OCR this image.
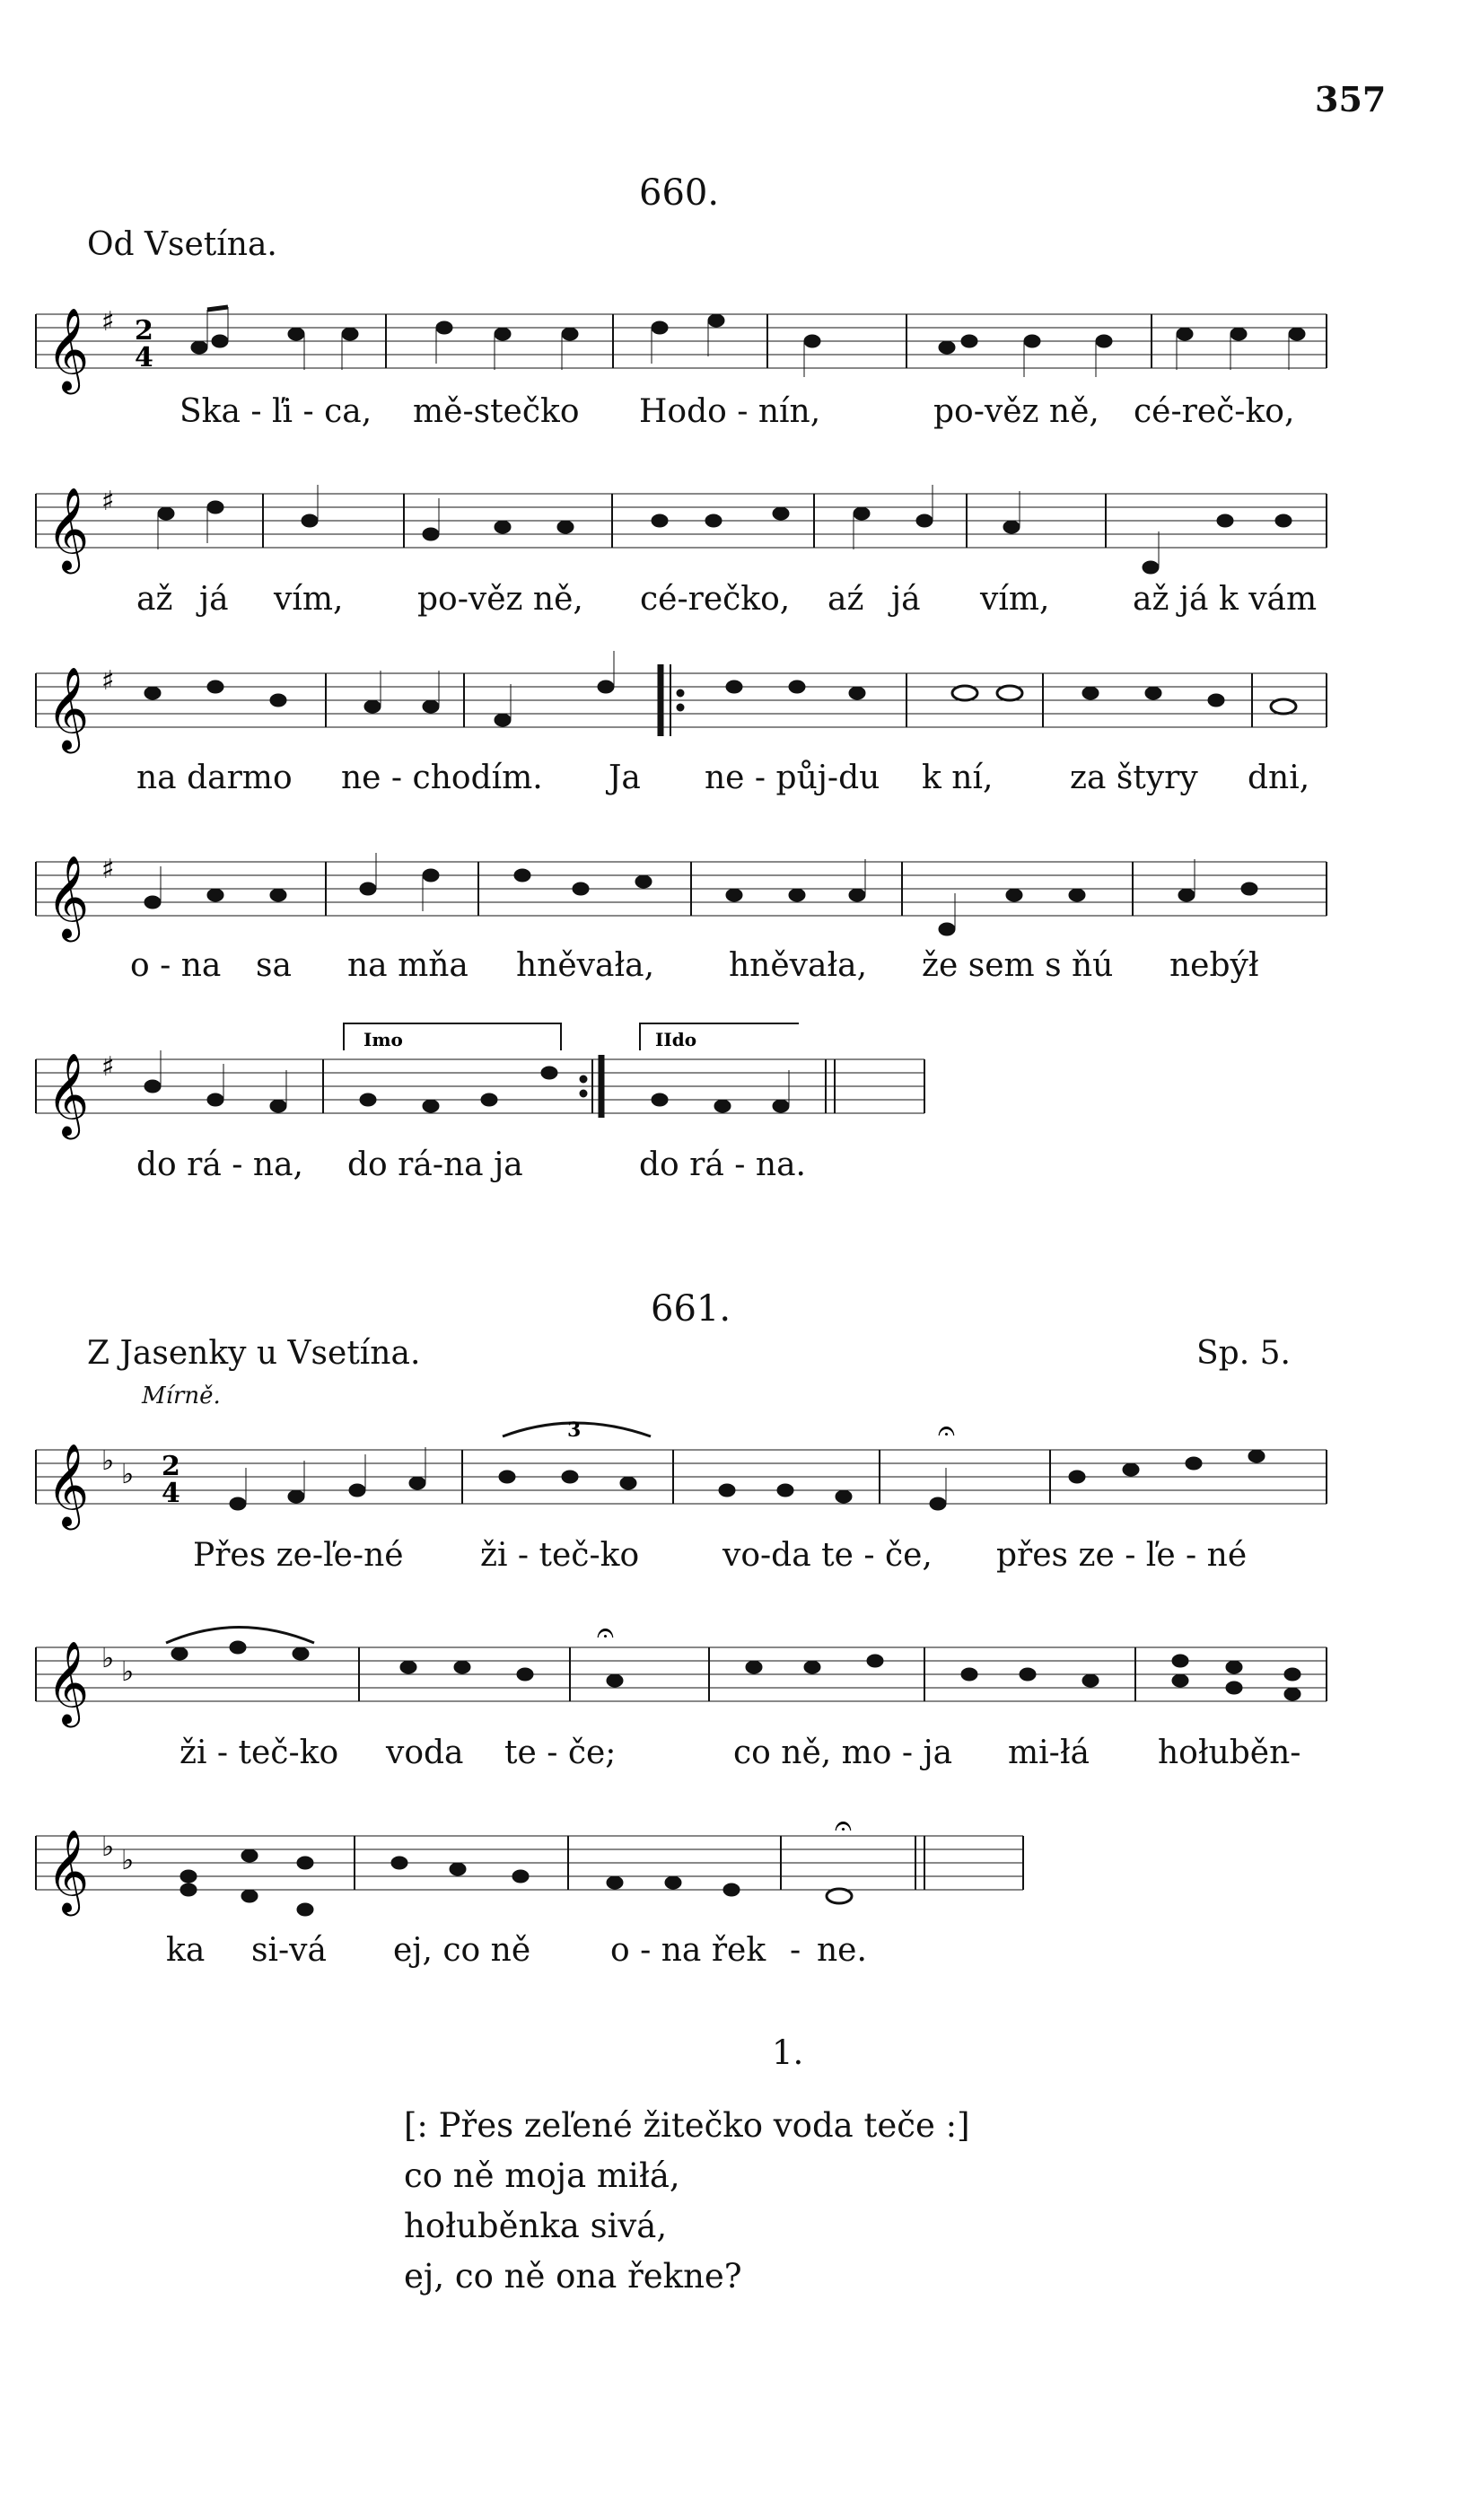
357
660.
Od Vsetína.
𝄞 ♯ 2
4
Ska - ľi - ca, mě-stečko Hodo - nín,	po-věz ně, cé-reč-ko,
𝄞 ♯
až já vím, po-věz ně, cé-rečko, aź já vím,	až já k vám
𝄞 ♯
na darmo ne - chodím. Ja ne - půj-du k ní, za štyry dni,
𝄞 ♯
o - na sa na mňa hněvała, hněvała, že sem s ňú nebýł
Imo	IIdo
𝄞 ♯
do rá - na, do rá-na ja	do rá - na.
661.
Z Jasenky u Vsetína.	Sp. 5.
Mírně.
3	𝄐
𝄞 ♭ ♭ 2
4
Přes ze-ľe-né ži - teč-ko	vo-da te - če, přes ze - ľe - né
𝄐
𝄞 ♭ ♭
ži - teč-ko voda te - če;	co ně, mo - ja mi-łá hołuběn-
𝄐
𝄞 ♭ ♭
ka si-vá ej, co ně o - na řek - ne.
1.
[: Přes zeľené žitečko voda teče :]
co ně moja miłá,
hołuběnka sivá,
ej, co ně ona řekne?
